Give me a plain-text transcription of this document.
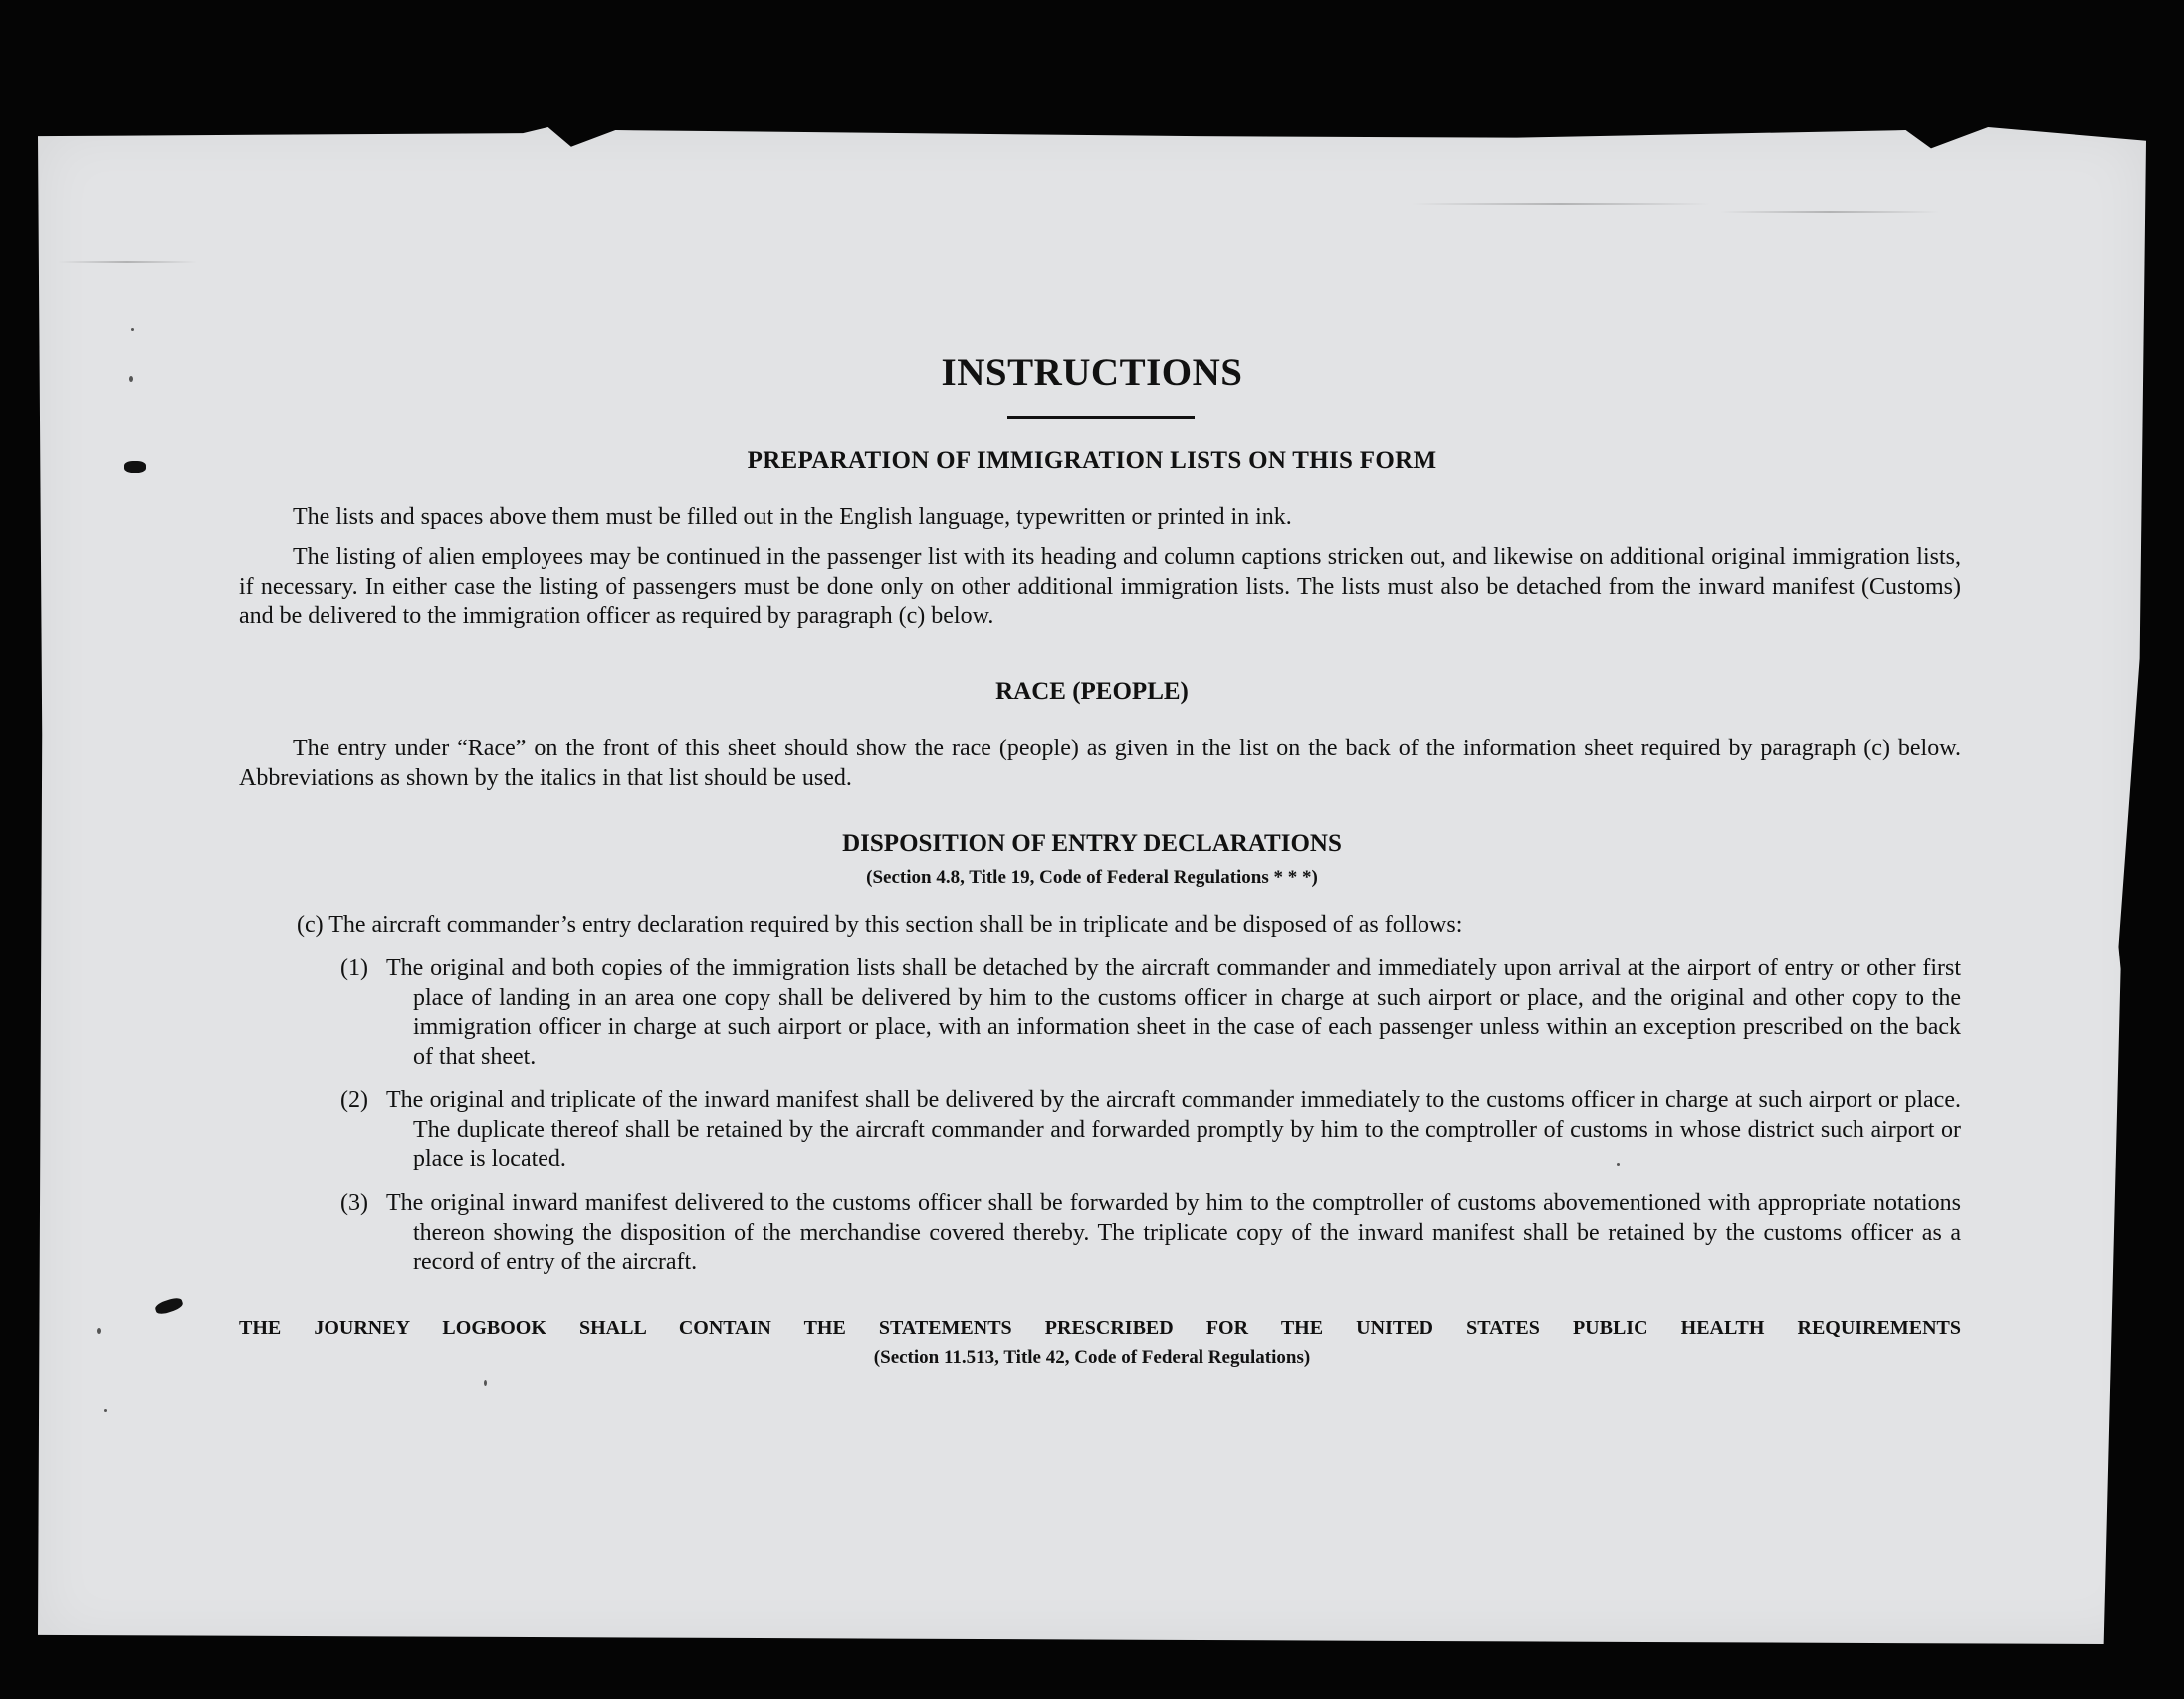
INSTRUCTIONS
PREPARATION OF IMMIGRATION LISTS ON THIS FORM

The lists and spaces above them must be filled out in the English language, typewritten or printed in ink.

The listing of alien employees may be continued in the passenger list with its heading and column captions stricken out, and likewise on additional original immigration lists, if necessary. In either case the listing of passengers must be done only on other additional immigration lists. The lists must also be detached from the inward manifest (Customs) and be delivered to the immigration officer as required by paragraph (c) below.

RACE (PEOPLE)

The entry under “Race” on the front of this sheet should show the race (people) as given in the list on the back of the information sheet required by paragraph (c) below. Abbreviations as shown by the italics in that list should be used.

DISPOSITION OF ENTRY DECLARATIONS
(Section 4.8, Title 19, Code of Federal Regulations * * *)

(c) The aircraft commander’s entry declaration required by this section shall be in triplicate and be disposed of as follows:

(1) The original and both copies of the immigration lists shall be detached by the aircraft commander and immediately upon arrival at the airport of entry or other first place of landing in an area one copy shall be delivered by him to the customs officer in charge at such airport or place, and the original and other copy to the immigration officer in charge at such airport or place, with an information sheet in the case of each passenger unless within an exception prescribed on the back of that sheet.

(2) The original and triplicate of the inward manifest shall be delivered by the aircraft commander immediately to the customs officer in charge at such airport or place. The duplicate thereof shall be retained by the aircraft commander and forwarded promptly by him to the comptroller of customs in whose district such airport or place is located.

(3) The original inward manifest delivered to the customs officer shall be forwarded by him to the comptroller of customs abovementioned with appropriate notations thereon showing the disposition of the merchandise covered thereby. The triplicate copy of the inward manifest shall be retained by the customs officer as a record of entry of the aircraft.

THE JOURNEY LOGBOOK SHALL CONTAIN THE STATEMENTS PRESCRIBED FOR THE UNITED STATES PUBLIC HEALTH REQUIREMENTS
(Section 11.513, Title 42, Code of Federal Regulations)
